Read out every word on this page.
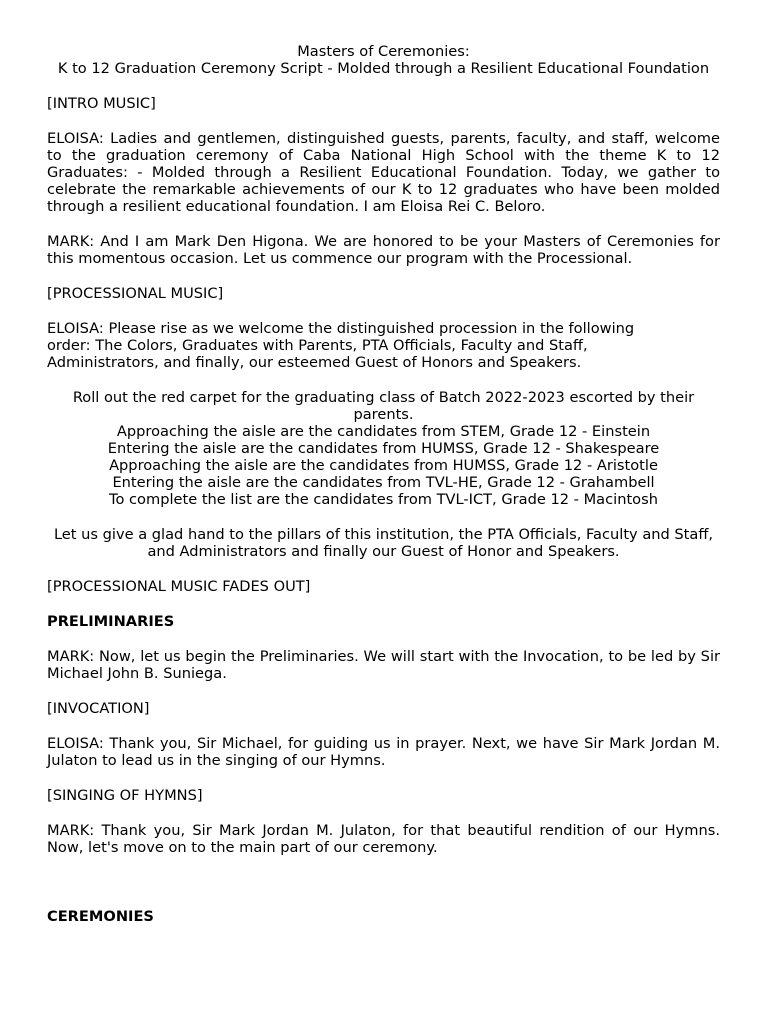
Masters of Ceremonies:

K to 12 Graduation Ceremony Script - Molded through a Resilient Educational Foundation

[INTRO MUSIC]

ELOISA: Ladies and gentlemen, distinguished guests, parents, faculty, and staff, welcome to the graduation ceremony of Caba National High School with the theme K to 12 Graduates: - Molded through a Resilient Educational Foundation. Today, we gather to celebrate the remarkable achievements of our K to 12 graduates who have been molded through a resilient educational foundation. I am Eloisa Rei C. Beloro.

MARK: And I am Mark Den Higona. We are honored to be your Masters of Ceremonies for this momentous occasion. Let us commence our program with the Processional.

[PROCESSIONAL MUSIC]

ELOISA: Please rise as we welcome the distinguished procession in the following order: The Colors, Graduates with Parents, PTA Officials, Faculty and Staff, Administrators, and finally, our esteemed Guest of Honors and Speakers.

Roll out the red carpet for the graduating class of Batch 2022-2023 escorted by their parents.

Approaching the aisle are the candidates from STEM, Grade 12 - Einstein

Entering the aisle are the candidates from HUMSS, Grade 12 - Shakespeare

Approaching the aisle are the candidates from HUMSS, Grade 12 - Aristotle

Entering the aisle are the candidates from TVL-HE, Grade 12 - Grahambell

To complete the list are the candidates from TVL-ICT, Grade 12 - Macintosh

Let us give a glad hand to the pillars of this institution, the PTA Officials, Faculty and Staff, and Administrators and finally our Guest of Honor and Speakers.

[PROCESSIONAL MUSIC FADES OUT]

PRELIMINARIES

MARK: Now, let us begin the Preliminaries. We will start with the Invocation, to be led by Sir Michael John B. Suniega.

[INVOCATION]

ELOISA: Thank you, Sir Michael, for guiding us in prayer. Next, we have Sir Mark Jordan M. Julaton to lead us in the singing of our Hymns.

[SINGING OF HYMNS]

MARK: Thank you, Sir Mark Jordan M. Julaton, for that beautiful rendition of our Hymns. Now, let's move on to the main part of our ceremony.

CEREMONIES
